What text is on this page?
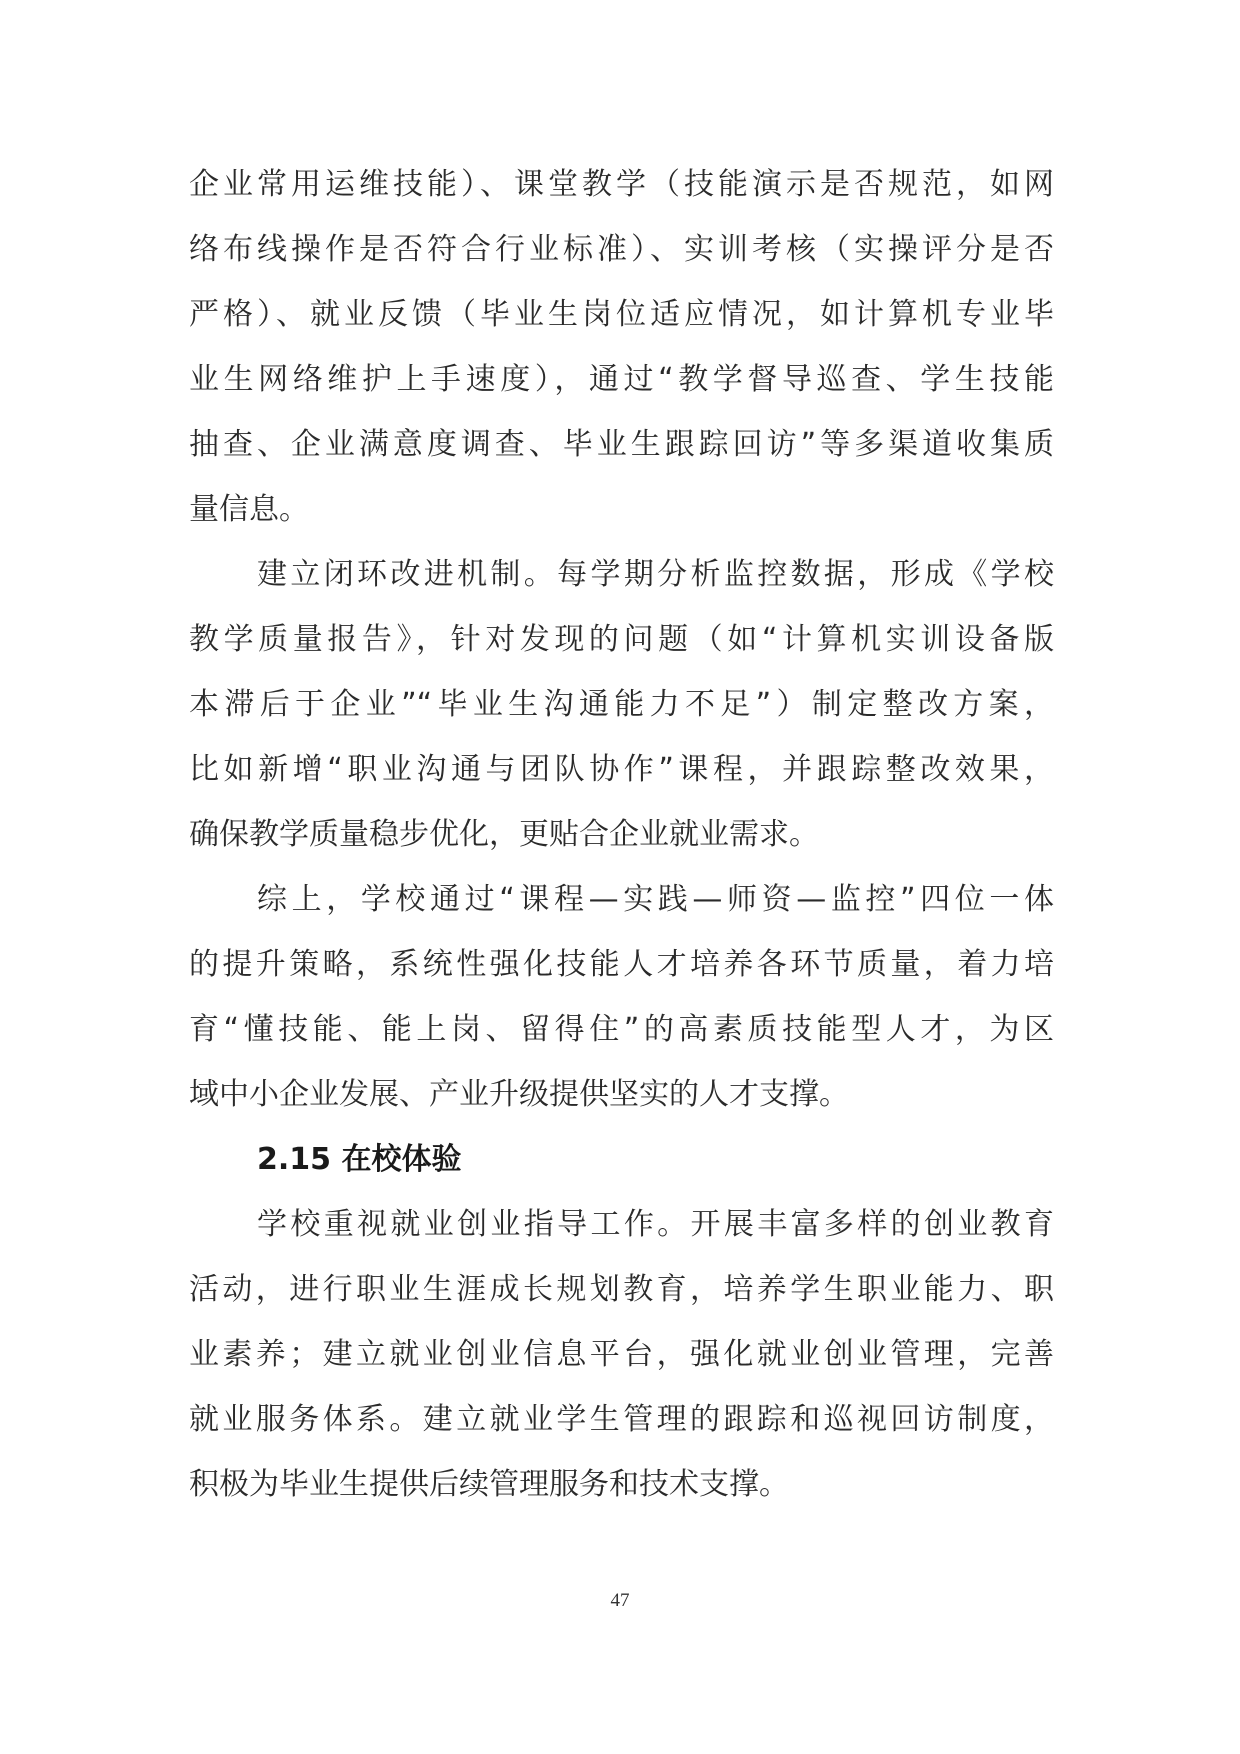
企业常用运维技能）、课堂教学（技能演示是否规范，如网
络布线操作是否符合行业标准）、实训考核（实操评分是否
严格）、就业反馈（毕业生岗位适应情况，如计算机专业毕
业生网络维护上手速度），通过“教学督导巡查、学生技能
抽查、企业满意度调查、毕业生跟踪回访”等多渠道收集质
量信息。
建立闭环改进机制。每学期分析监控数据，形成《学校
教学质量报告》，针对发现的问题（如“计算机实训设备版
本滞后于企业”“毕业生沟通能力不足”）制定整改方案，
比如新增“职业沟通与团队协作”课程，并跟踪整改效果，
确保教学质量稳步优化，更贴合企业就业需求。
综上，学校通过“课程—实践—师资—监控”四位一体
的提升策略，系统性强化技能人才培养各环节质量，着力培
育“懂技能、能上岗、留得住”的高素质技能型人才，为区
域中小企业发展、产业升级提供坚实的人才支撑。
2.15 在校体验
学校重视就业创业指导工作。开展丰富多样的创业教育
活动，进行职业生涯成长规划教育，培养学生职业能力、职
业素养；建立就业创业信息平台，强化就业创业管理，完善
就业服务体系。建立就业学生管理的跟踪和巡视回访制度，
积极为毕业生提供后续管理服务和技术支撑。
47
